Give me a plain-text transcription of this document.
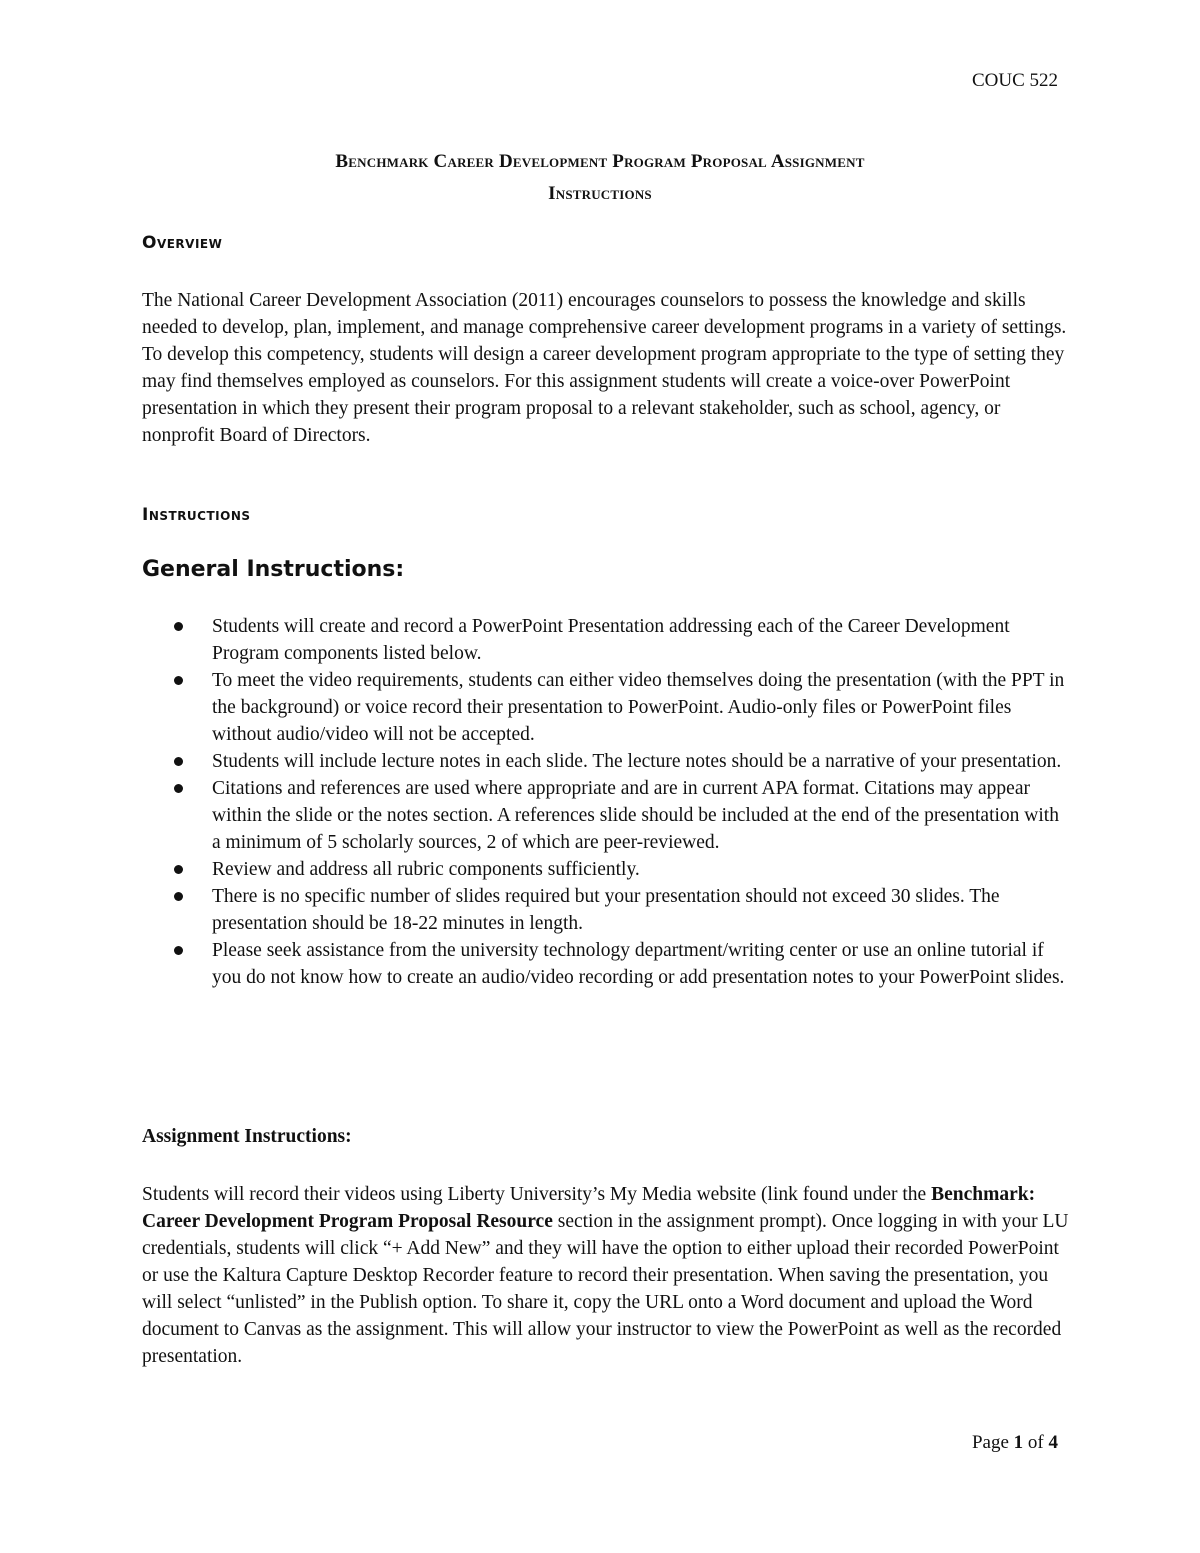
COUC 522
Benchmark Career Development Program Proposal Assignment
Instructions
Overview
The National Career Development Association (2011) encourages counselors to possess the knowledge and skills needed to develop, plan, implement, and manage comprehensive career development programs in a variety of settings. To develop this competency, students will design a career development program appropriate to the type of setting they may find themselves employed as counselors. For this assignment students will create a voice-over PowerPoint presentation in which they present their program proposal to a relevant stakeholder, such as school, agency, or nonprofit Board of Directors.
Instructions
General Instructions:
Students will create and record a PowerPoint Presentation addressing each of the Career Development Program components listed below.
To meet the video requirements, students can either video themselves doing the presentation (with the PPT in the background) or voice record their presentation to PowerPoint. Audio-only files or PowerPoint files without audio/video will not be accepted.
Students will include lecture notes in each slide. The lecture notes should be a narrative of your presentation.
Citations and references are used where appropriate and are in current APA format. Citations may appear within the slide or the notes section. A references slide should be included at the end of the presentation with a minimum of 5 scholarly sources, 2 of which are peer-reviewed.
Review and address all rubric components sufficiently.
There is no specific number of slides required but your presentation should not exceed 30 slides. The presentation should be 18-22 minutes in length.
Please seek assistance from the university technology department/writing center or use an online tutorial if you do not know how to create an audio/video recording or add presentation notes to your PowerPoint slides.
Assignment Instructions:
Students will record their videos using Liberty University’s My Media website (link found under the Benchmark: Career Development Program Proposal Resource section in the assignment prompt). Once logging in with your LU credentials, students will click “+ Add New” and they will have the option to either upload their recorded PowerPoint or use the Kaltura Capture Desktop Recorder feature to record their presentation. When saving the presentation, you will select “unlisted” in the Publish option. To share it, copy the URL onto a Word document and upload the Word document to Canvas as the assignment. This will allow your instructor to view the PowerPoint as well as the recorded presentation.
Page 1 of 4
